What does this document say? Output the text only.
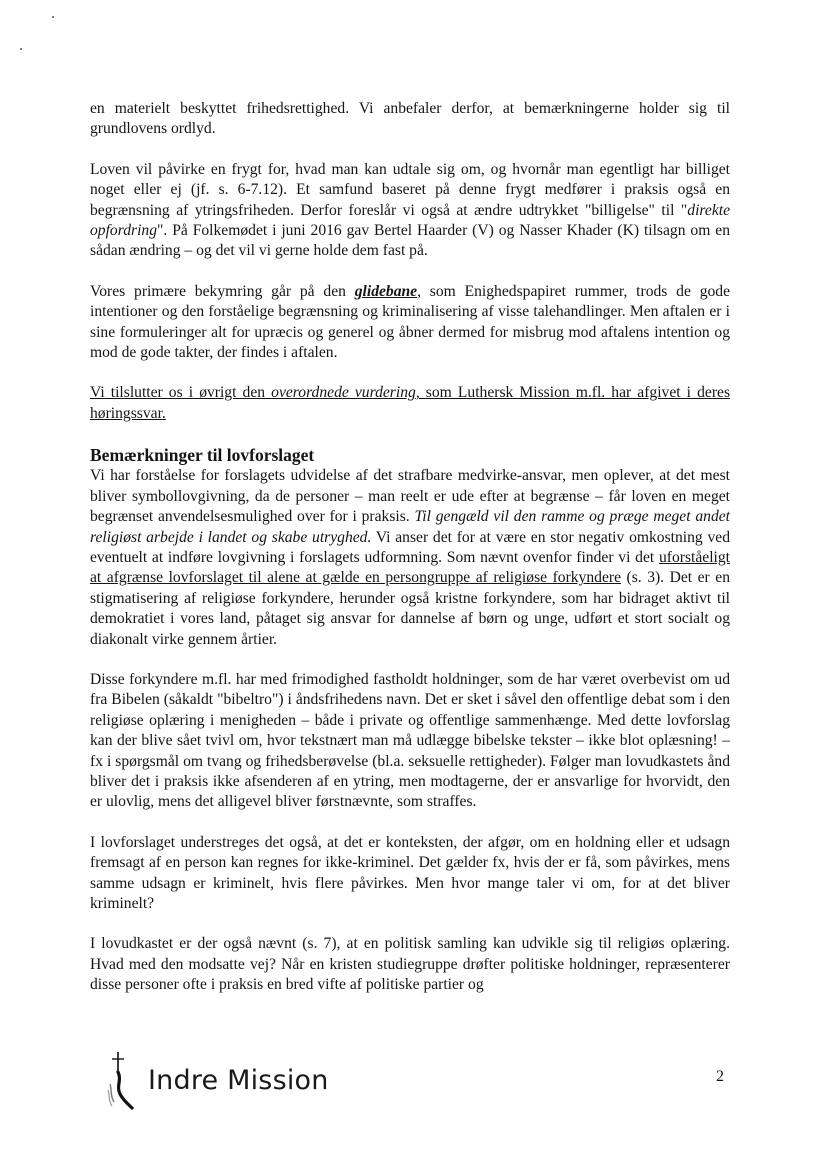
en materielt beskyttet frihedsrettighed. Vi anbefaler derfor, at bemærkningerne holder sig til grundlovens ordlyd.

Loven vil påvirke en frygt for, hvad man kan udtale sig om, og hvornår man egentligt har billiget noget eller ej (jf. s. 6-7.12). Et samfund baseret på denne frygt medfører i praksis også en begrænsning af ytringsfriheden. Derfor foreslår vi også at ændre udtrykket "billigelse" til "direkte opfordring". På Folkemødet i juni 2016 gav Bertel Haarder (V) og Nasser Khader (K) tilsagn om en sådan ændring – og det vil vi gerne holde dem fast på.

Vores primære bekymring går på den glidebane, som Enighedspapiret rummer, trods de gode intentioner og den forståelige begrænsning og kriminalisering af visse talehandlinger. Men aftalen er i sine formuleringer alt for upræcis og generel og åbner dermed for misbrug mod aftalens intention og mod de gode takter, der findes i aftalen.

Vi tilslutter os i øvrigt den overordnede vurdering, som Luthersk Mission m.fl. har afgivet i deres høringssvar.

Bemærkninger til lovforslaget

Vi har forståelse for forslagets udvidelse af det strafbare medvirke-ansvar, men oplever, at det mest bliver symbollovgivning, da de personer – man reelt er ude efter at begrænse – får loven en meget begrænset anvendelsesmulighed over for i praksis. Til gengæld vil den ramme og præge meget andet religiøst arbejde i landet og skabe utryghed. Vi anser det for at være en stor negativ omkostning ved eventuelt at indføre lovgivning i forslagets udformning. Som nævnt ovenfor finder vi det uforståeligt at afgrænse lovforslaget til alene at gælde en persongruppe af religiøse forkyndere (s. 3). Det er en stigmatisering af religiøse forkyndere, herunder også kristne forkyndere, som har bidraget aktivt til demokratiet i vores land, påtaget sig ansvar for dannelse af børn og unge, udført et stort socialt og diakonalt virke gennem årtier.

Disse forkyndere m.fl. har med frimodighed fastholdt holdninger, som de har været overbevist om ud fra Bibelen (såkaldt "bibeltro") i åndsfrihedens navn. Det er sket i såvel den offentlige debat som i den religiøse oplæring i menigheden – både i private og offentlige sammenhænge. Med dette lovforslag kan der blive sået tvivl om, hvor tekstnært man må udlægge bibelske tekster – ikke blot oplæsning! – fx i spørgsmål om tvang og frihedsberøvelse (bl.a. seksuelle rettigheder). Følger man lovudkastets ånd bliver det i praksis ikke afsenderen af en ytring, men modtagerne, der er ansvarlige for hvorvidt, den er ulovlig, mens det alligevel bliver førstnævnte, som straffes.

I lovforslaget understreges det også, at det er konteksten, der afgør, om en holdning eller et udsagn fremsagt af en person kan regnes for ikke-kriminel. Det gælder fx, hvis der er få, som påvirkes, mens samme udsagn er kriminelt, hvis flere påvirkes. Men hvor mange taler vi om, for at det bliver kriminelt?

I lovudkastet er der også nævnt (s. 7), at en politisk samling kan udvikle sig til religiøs oplæring. Hvad med den modsatte vej? Når en kristen studiegruppe drøfter politiske holdninger, repræsenterer disse personer ofte i praksis en bred vifte af politiske partier og

Indre Mission	2
